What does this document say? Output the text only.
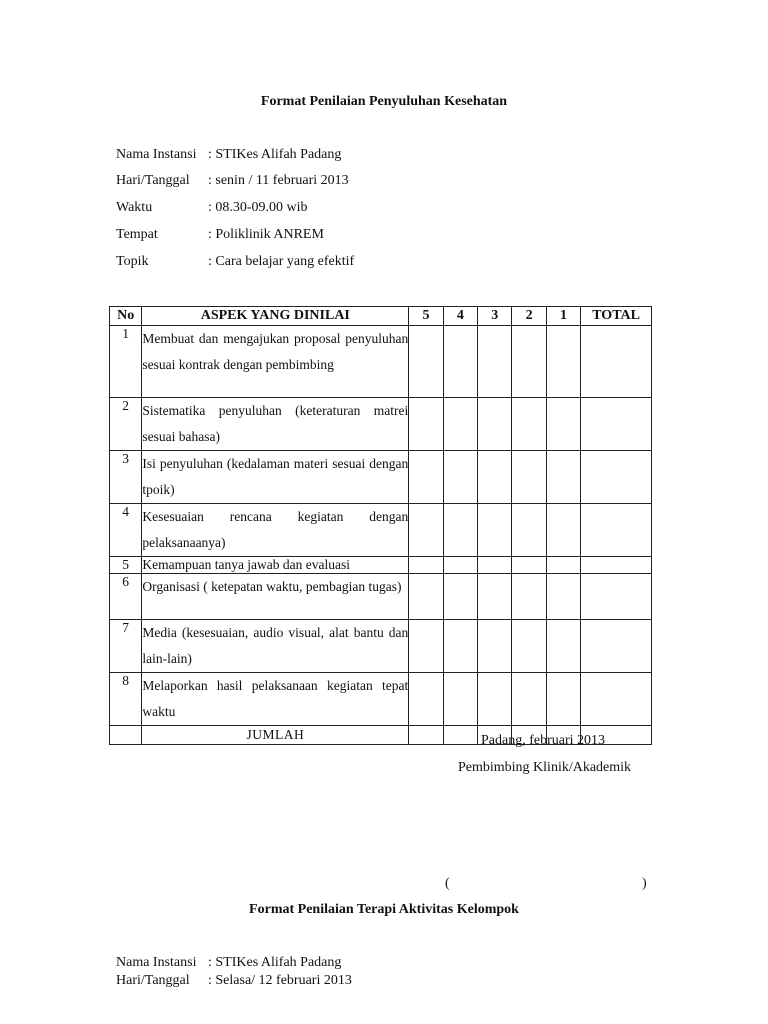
Format Penilaian Penyuluhan Kesehatan
Nama Instansi : STIKes Alifah Padang
Hari/Tanggal : senin / 11 februari 2013
Waktu	: 08.30-09.00 wib
Tempat	: Poliklinik ANREM
Topik	: Cara belajar yang efektif
No	ASPEK YANG DINILAI	5	4	3	2	1	TOTAL
1	Membuat dan mengajukan proposal penyuluhan sesuai kontrak dengan pembimbing						
2	Sistematika penyuluhan (keteraturan matrei sesuai bahasa)						
3	Isi penyuluhan (kedalaman materi sesuai dengan tpoik)						
4	Kesesuaian rencana kegiatan dengan pelaksanaanya)						
5	Kemampuan tanya jawab dan evaluasi						
6	Organisasi ( ketepatan waktu, pembagian tugas)						
7	Media (kesesuaian, audio visual, alat bantu dan lain-lain)						
8	Melaporkan hasil pelaksanaan kegiatan tepat waktu						
	JUMLAH							Padang, februari 2013
Pembimbing Klinik/Akademik
(	)
Format Penilaian Terapi Aktivitas Kelompok
Nama Instansi : STIKes Alifah Padang
Hari/Tanggal : Selasa/ 12 februari 2013
